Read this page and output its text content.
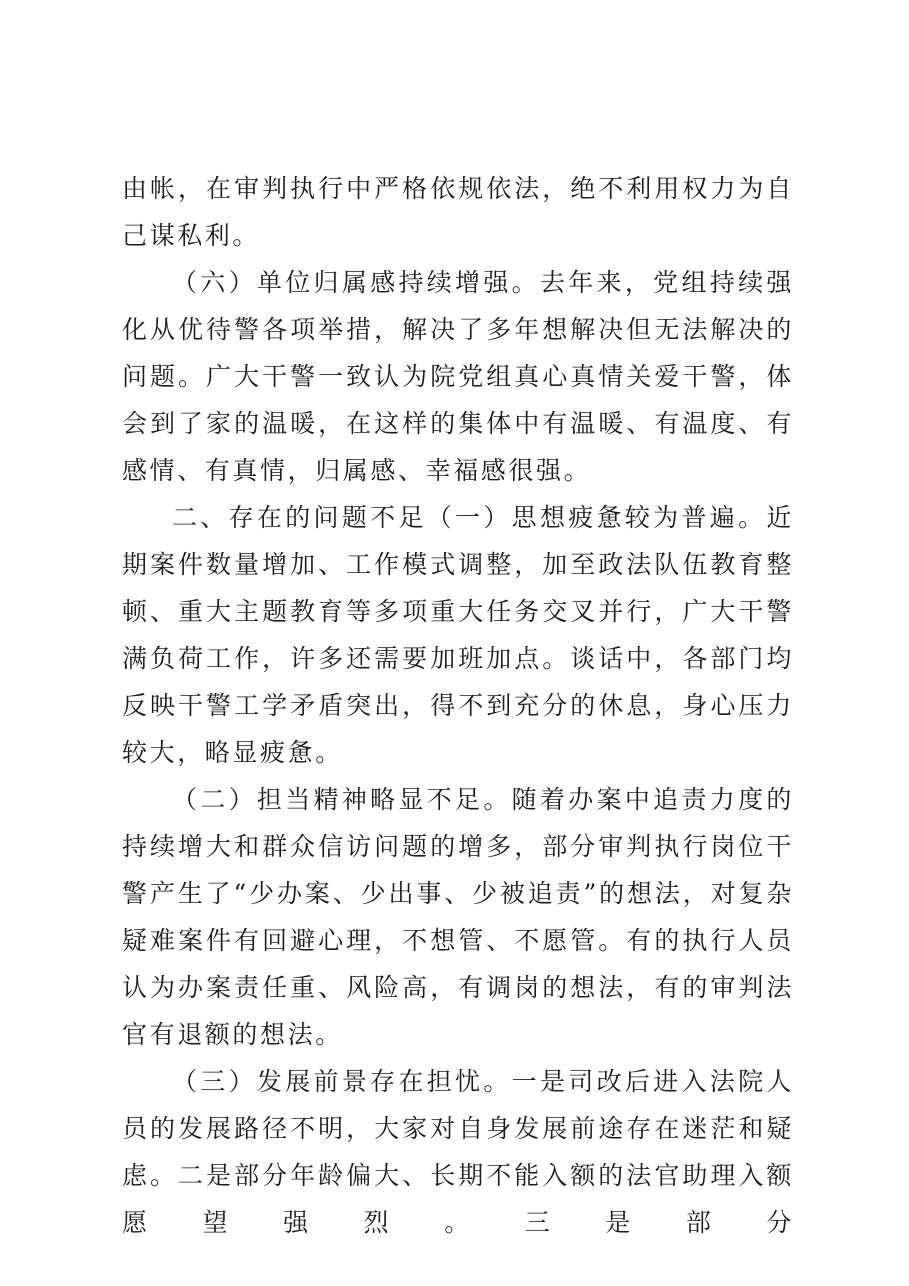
由帐，在审判执行中严格依规依法，绝不利用权力为自己谋私利。

（六）单位归属感持续增强。去年来，党组持续强化从优待警各项举措，解决了多年想解决但无法解决的问题。广大干警一致认为院党组真心真情关爱干警，体会到了家的温暖，在这样的集体中有温暖、有温度、有感情、有真情，归属感、幸福感很强。

二、存在的问题不足（一）思想疲惫较为普遍。近期案件数量增加、工作模式调整，加至政法队伍教育整顿、重大主题教育等多项重大任务交叉并行，广大干警满负荷工作，许多还需要加班加点。谈话中，各部门均反映干警工学矛盾突出，得不到充分的休息，身心压力较大，略显疲惫。

（二）担当精神略显不足。随着办案中追责力度的持续增大和群众信访问题的增多，部分审判执行岗位干警产生了“少办案、少出事、少被追责”的想法，对复杂疑难案件有回避心理，不想管、不愿管。有的执行人员认为办案责任重、风险高，有调岗的想法，有的审判法官有退额的想法。

（三）发展前景存在担忧。一是司改后进入法院人员的发展路径不明，大家对自身发展前途存在迷茫和疑虑。二是部分年龄偏大、长期不能入额的法官助理入额愿望强烈。三是部分
